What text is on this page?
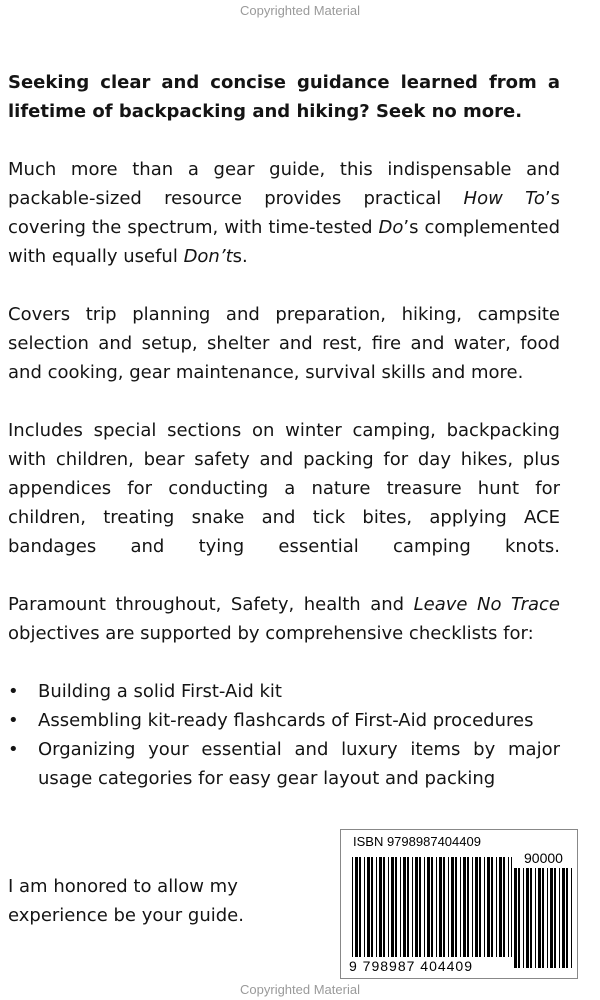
Copyrighted Material

Seeking clear and concise guidance learned from a lifetime of backpacking and hiking? Seek no more.

Much more than a gear guide, this indispensable and packable-sized resource provides practical How To’s covering the spectrum, with time-tested Do’s complemented with equally useful Don’ts.

Covers trip planning and preparation, hiking, campsite selection and setup, shelter and rest, fire and water, food and cooking, gear maintenance, survival skills and more.

Includes special sections on winter camping, backpacking with children, bear safety and packing for day hikes, plus appendices for conducting a nature treasure hunt for children, treating snake and tick bites, applying ACE bandages and tying essential camping knots.

Paramount throughout, Safety, health and Leave No Trace objectives are supported by comprehensive checklists for:

• Building a solid First-Aid kit
• Assembling kit-ready flashcards of First-Aid procedures
• Organizing your essential and luxury items by major usage categories for easy gear layout and packing

I am honored to allow my
experience be your guide.

ISBN 9798987404409
90000
9 798987 404409
Copyrighted Material
